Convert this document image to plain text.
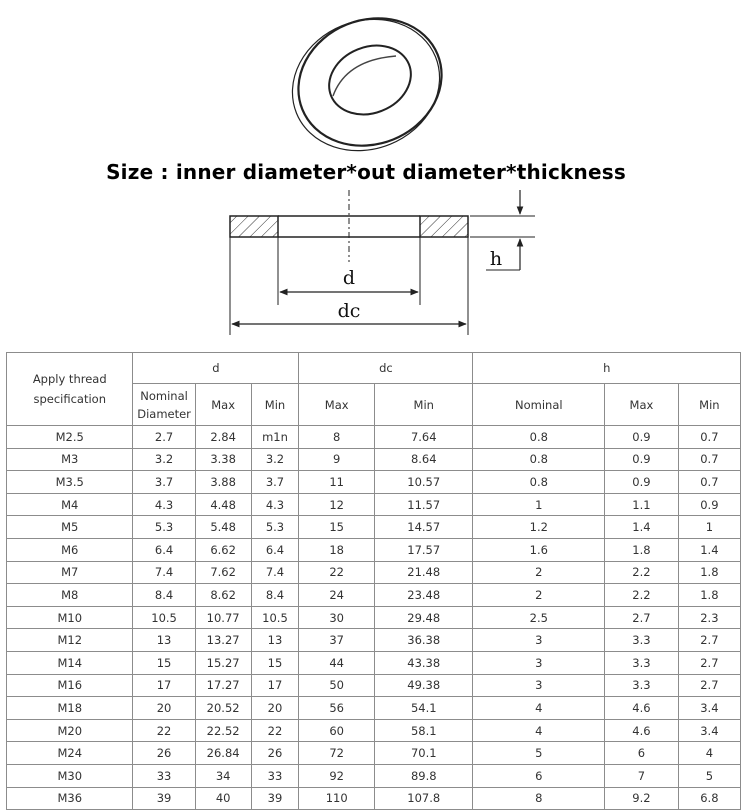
d
dc
h
Size : inner diameter*out diameter*thickness
Apply thread specification	d			dc		h		
	Nominal Diameter	Max	Min	Max	Min	Nominal	Max	Min
M2.5	2.7	2.84	m1n	8	7.64	0.8	0.9	0.7
M3	3.2	3.38	3.2	9	8.64	0.8	0.9	0.7
M3.5	3.7	3.88	3.7	11	10.57	0.8	0.9	0.7
M4	4.3	4.48	4.3	12	11.57	1	1.1	0.9
M5	5.3	5.48	5.3	15	14.57	1.2	1.4	1
M6	6.4	6.62	6.4	18	17.57	1.6	1.8	1.4
M7	7.4	7.62	7.4	22	21.48	2	2.2	1.8
M8	8.4	8.62	8.4	24	23.48	2	2.2	1.8
M10	10.5	10.77	10.5	30	29.48	2.5	2.7	2.3
M12	13	13.27	13	37	36.38	3	3.3	2.7
M14	15	15.27	15	44	43.38	3	3.3	2.7
M16	17	17.27	17	50	49.38	3	3.3	2.7
M18	20	20.52	20	56	54.1	4	4.6	3.4
M20	22	22.52	22	60	58.1	4	4.6	3.4
M24	26	26.84	26	72	70.1	5	6	4
M30	33	34	33	92	89.8	6	7	5
M36	39	40	39	110	107.8	8	9.2	6.8
